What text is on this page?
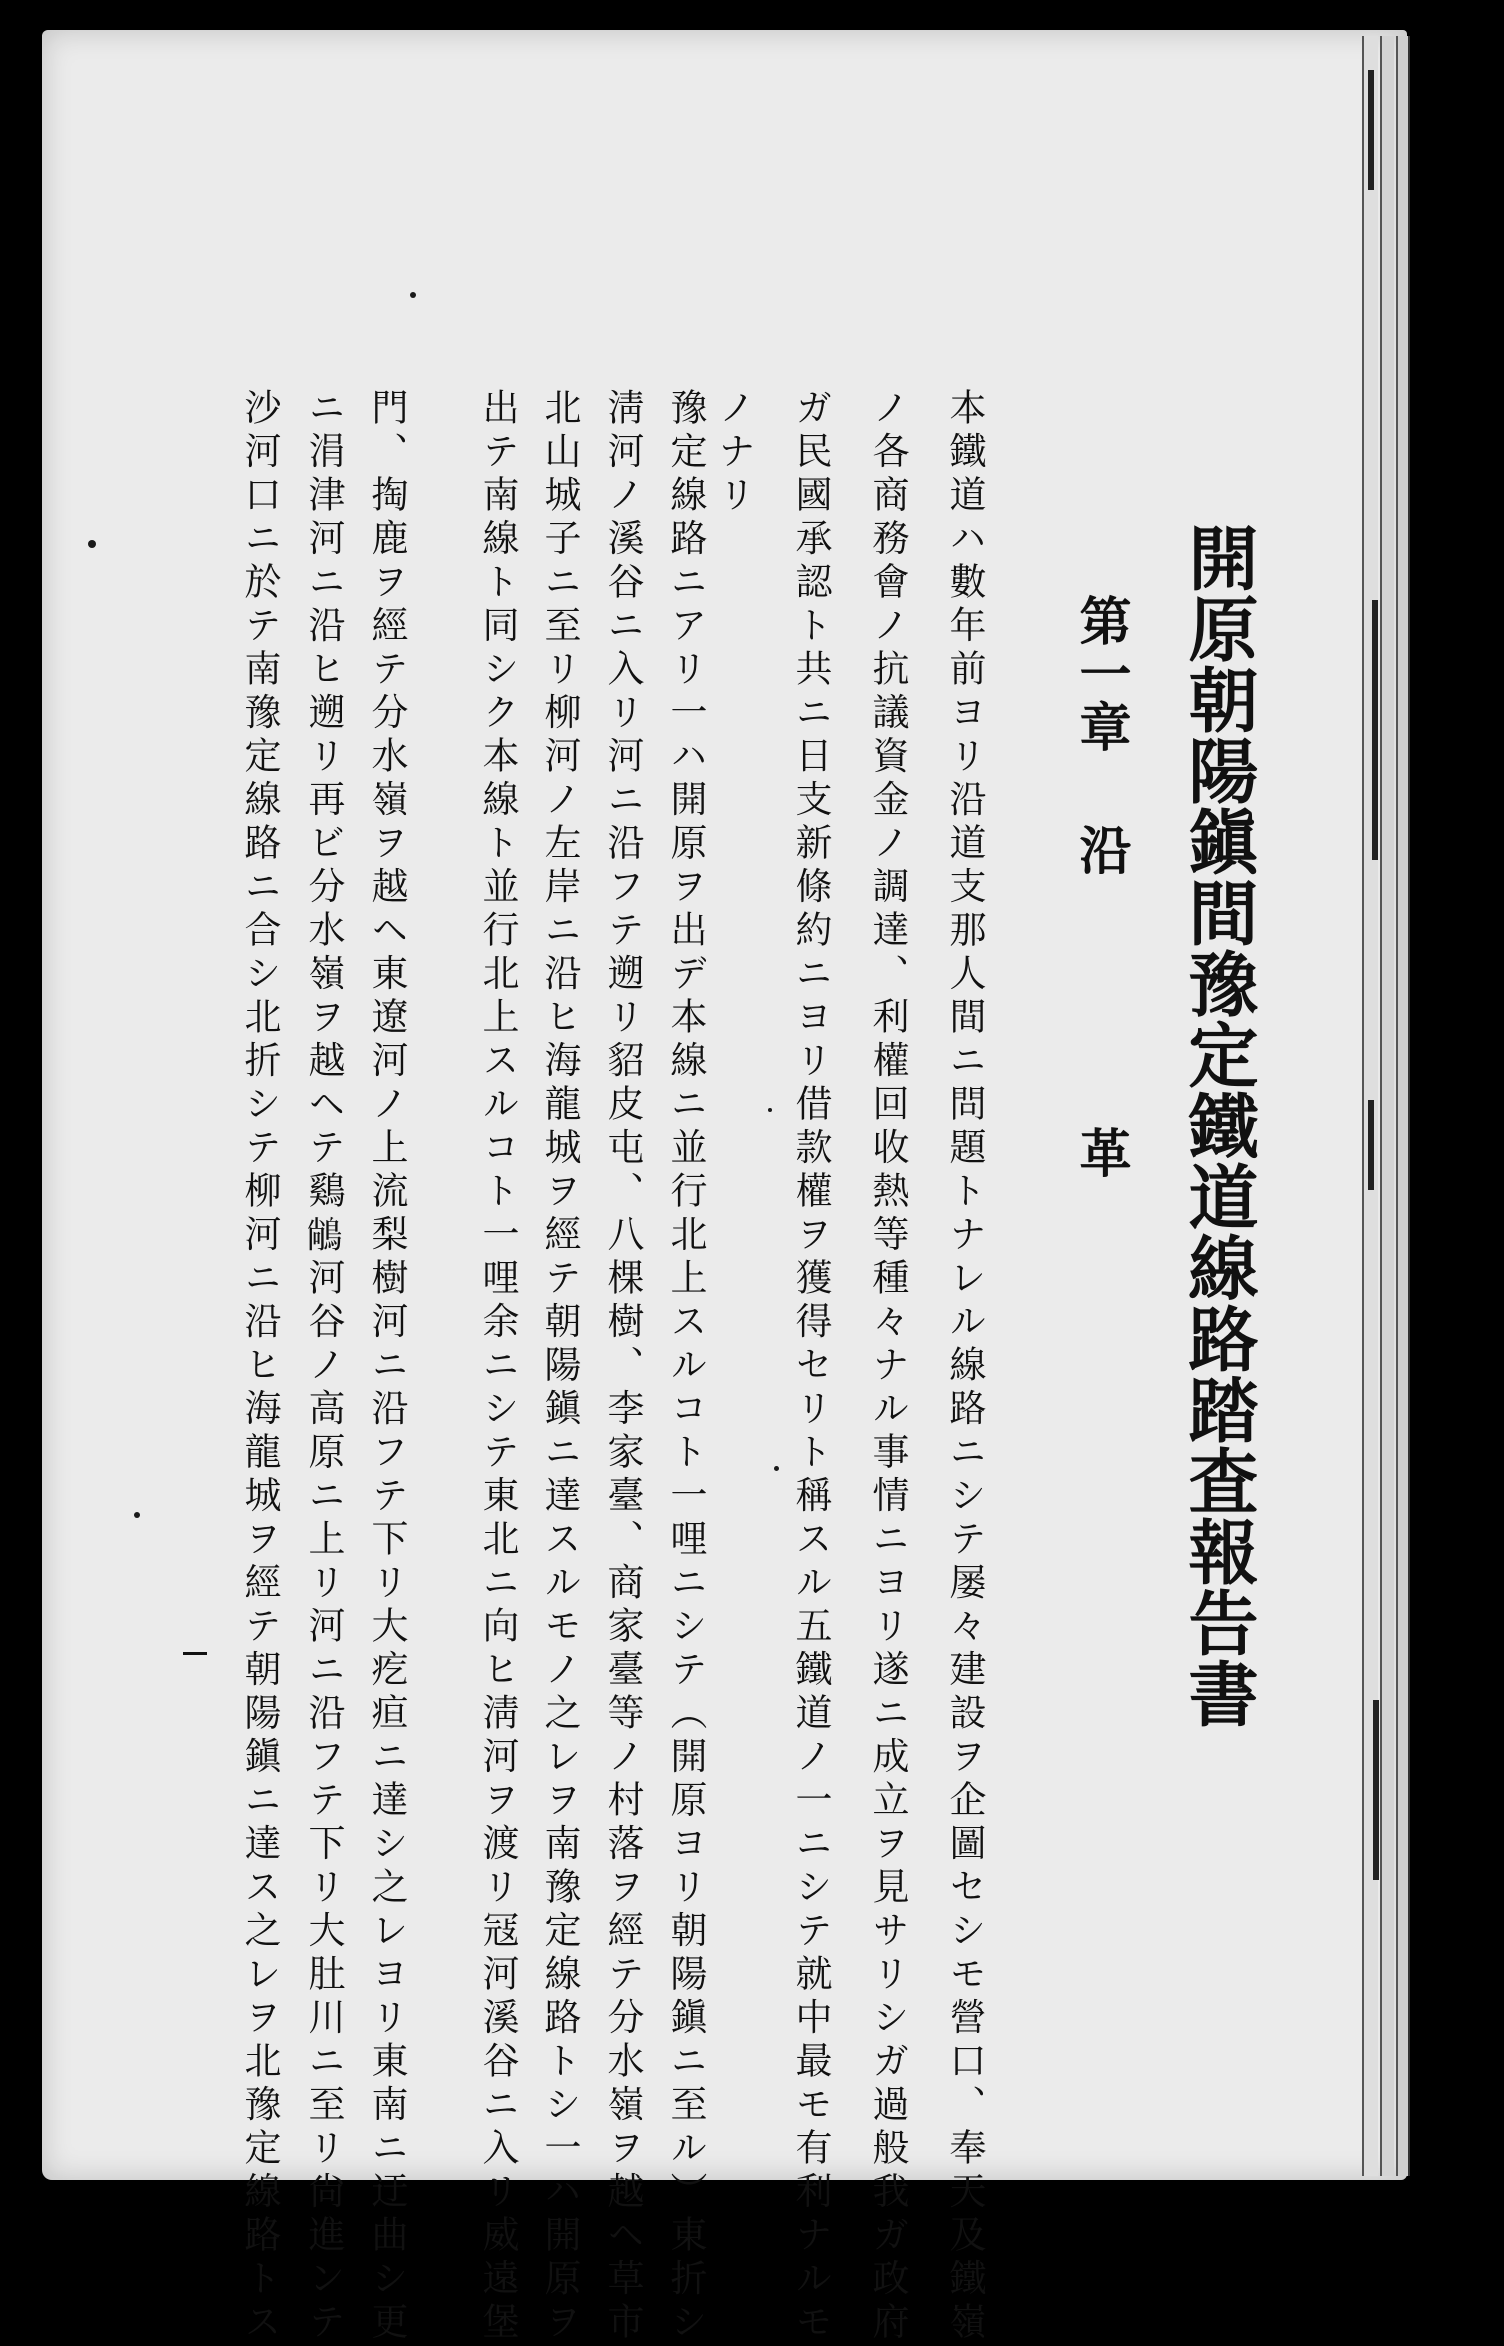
開原朝陽鎭間豫定鐵道線路踏査報告書
第一章沿革

本鐵道ハ數年前ヨリ沿道支那人間ニ問題トナレル線路ニシテ屡々建設ヲ企圖セシモ營口、奉天及鐵嶺

ノ各商務會ノ抗議資金ノ調達、利權回收熱等種々ナル事情ニヨリ遂ニ成立ヲ見サリシガ過般我ガ政府

ガ民國承認ト共ニ日支新條約ニヨリ借款權ヲ獲得セリト稱スル五鐵道ノ一ニシテ就中最モ有利ナルモ

ノナリ

豫定線路ニアリ一ハ開原ヲ出デ本線ニ並行北上スルコト一哩ニシテ（開原ヨリ朝陽鎭ニ至ル）東折シ

淸河ノ溪谷ニ入リ河ニ沿フテ遡リ貂皮屯、八棵樹、李家臺、商家臺等ノ村落ヲ經テ分水嶺ヲ越ヘ草市

北山城子ニ至リ柳河ノ左岸ニ沿ヒ海龍城ヲ經テ朝陽鎭ニ達スルモノ之レヲ南豫定線路トシ一ハ開原ヲ

出テ南線ト同シク本線ト並行北上スルコト一哩余ニシテ東北ニ向ヒ淸河ヲ渡リ冦河溪谷ニ入リ威遠堡

門、掏鹿ヲ經テ分水嶺ヲ越ヘ東遼河ノ上流梨樹河ニ沿フテ下リ大疙疸ニ達シ之レヨリ東南ニ迂曲シ更

ニ涓津河ニ沿ヒ遡リ再ビ分水嶺ヲ越ヘテ鷄𪁺河谷ノ高原ニ上リ河ニ沿フテ下リ大肚川ニ至リ尙進ンテ

沙河口ニ於テ南豫定線路ニ合シ北折シテ柳河ニ沿ヒ海龍城ヲ經テ朝陽鎭ニ達ス之レヲ北豫定線路トス
